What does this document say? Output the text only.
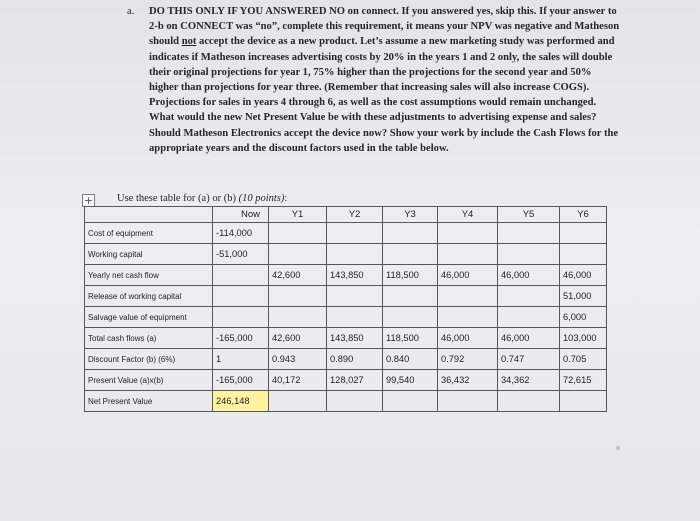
a. DO THIS ONLY IF YOU ANSWERED NO on connect. If you answered yes, skip this. If your answer to 2-b on CONNECT was “no”, complete this requirement, it means your NPV was negative and Matheson should not accept the device as a new product. Let’s assume a new marketing study was performed and indicates if Matheson increases advertising costs by 20% in the years 1 and 2 only, the sales will double their original projections for year 1, 75% higher than the projections for the second year and 50% higher than projections for year three. (Remember that increasing sales will also increase COGS). Projections for sales in years 4 through 6, as well as the cost assumptions would remain unchanged. What would the new Net Present Value be with these adjustments to advertising expense and sales? Should Matheson Electronics accept the device now? Show your work by include the Cash Flows for the appropriate years and the discount factors used in the table below.
+ Use these table for (a) or (b) (10 points):
	Now	Y1	Y2	Y3	Y4	Y5	Y6
Cost of equipment	-114,000						
Working capital	-51,000						
Yearly net cash flow		42,600	143,850	118,500	46,000	46,000	46,000
Release of working capital							51,000
Salvage value of equipment							6,000
Total cash flows (a)	-165,000	42,600	143,850	118,500	46,000	46,000	103,000
Discount Factor (b) (6%)	1	0.943	0.890	0.840	0.792	0.747	0.705
Present Value (a)x(b)	-165,000	40,172	128,027	99,540	36,432	34,362	72,615
Net Present Value	246,148						
